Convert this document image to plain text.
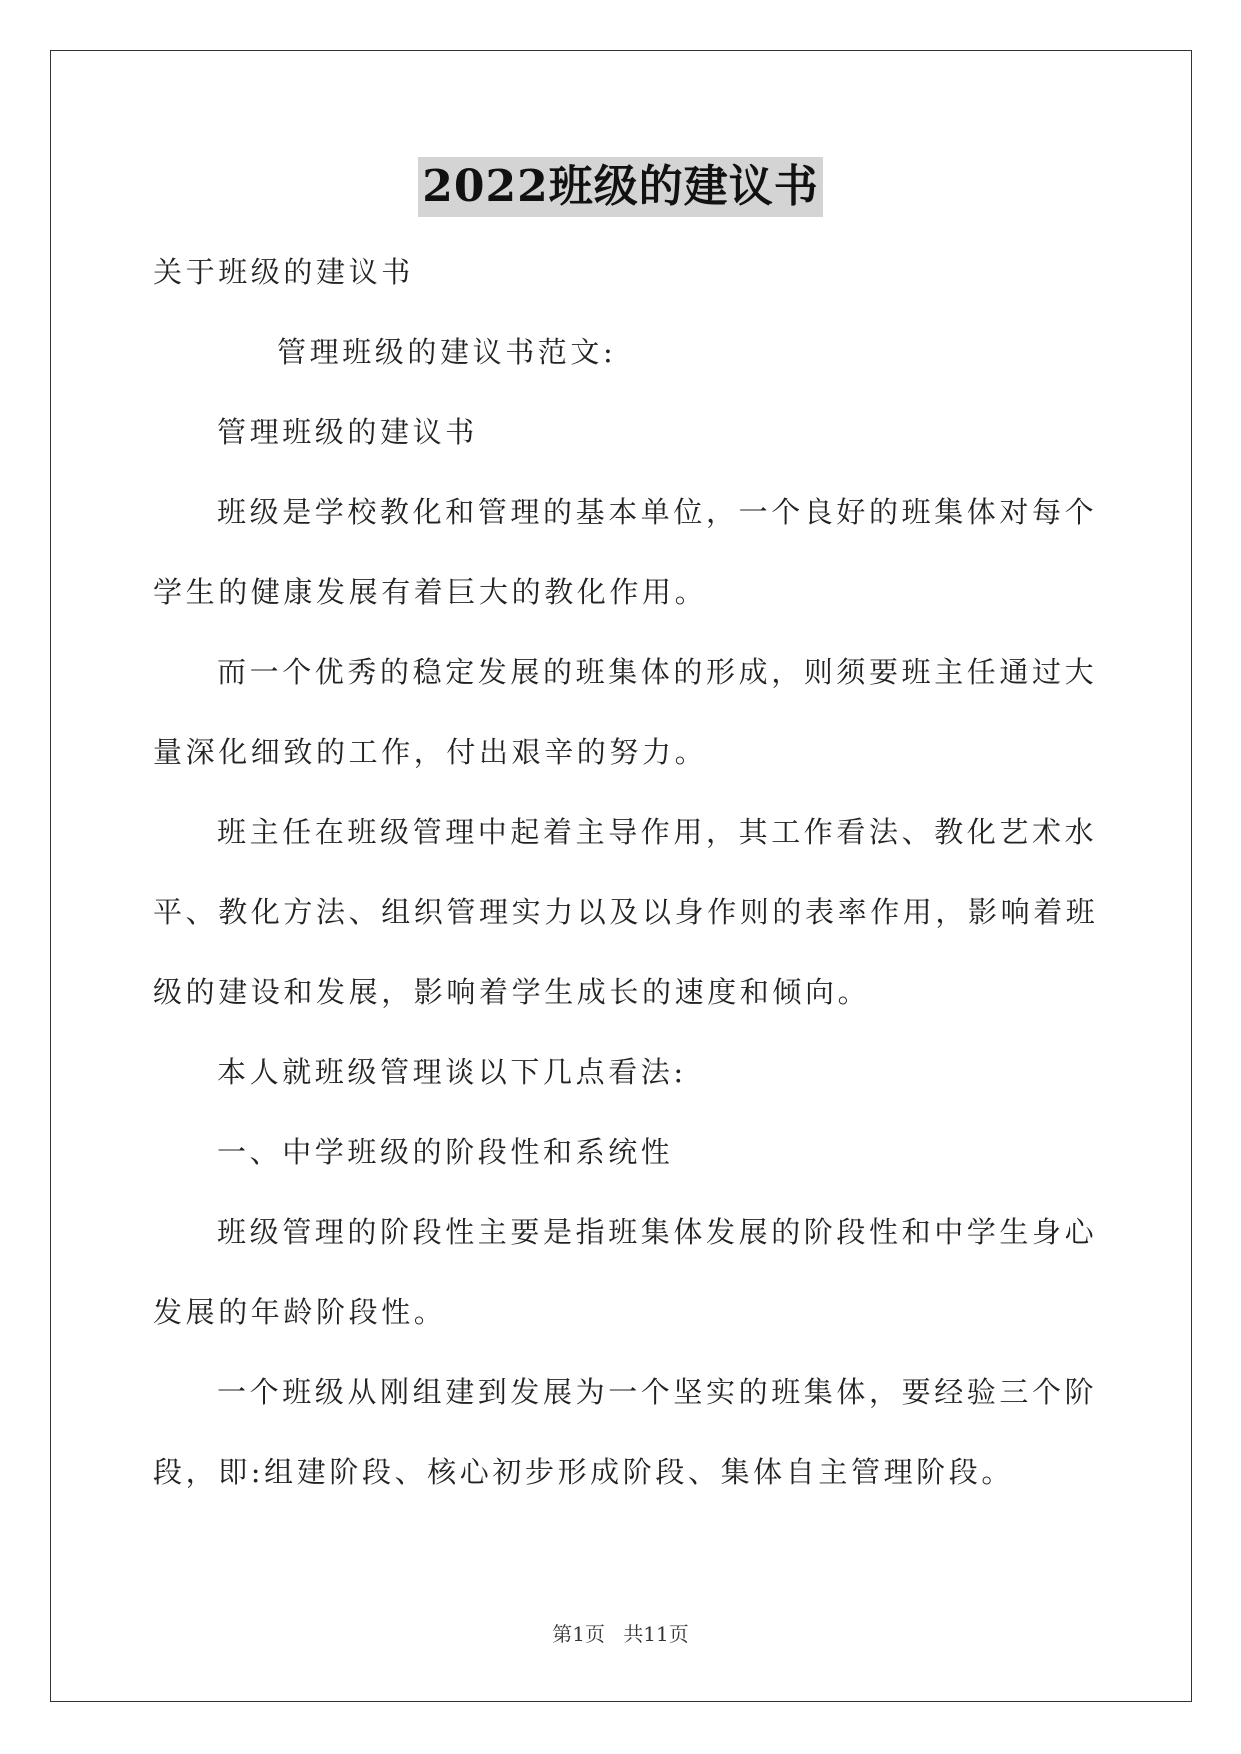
2022班级的建议书

关于班级的建议书

管理班级的建议书范文:

管理班级的建议书

班级是学校教化和管理的基本单位，一个良好的班集体对每个学生的健康发展有着巨大的教化作用。

而一个优秀的稳定发展的班集体的形成，则须要班主任通过大量深化细致的工作，付出艰辛的努力。

班主任在班级管理中起着主导作用，其工作看法、教化艺术水平、教化方法、组织管理实力以及以身作则的表率作用，影响着班级的建设和发展，影响着学生成长的速度和倾向。

本人就班级管理谈以下几点看法:

一、中学班级的阶段性和系统性

班级管理的阶段性主要是指班集体发展的阶段性和中学生身心发展的年龄阶段性。

一个班级从刚组建到发展为一个坚实的班集体，要经验三个阶段，即:组建阶段、核心初步形成阶段、集体自主管理阶段。

第1页 共11页
